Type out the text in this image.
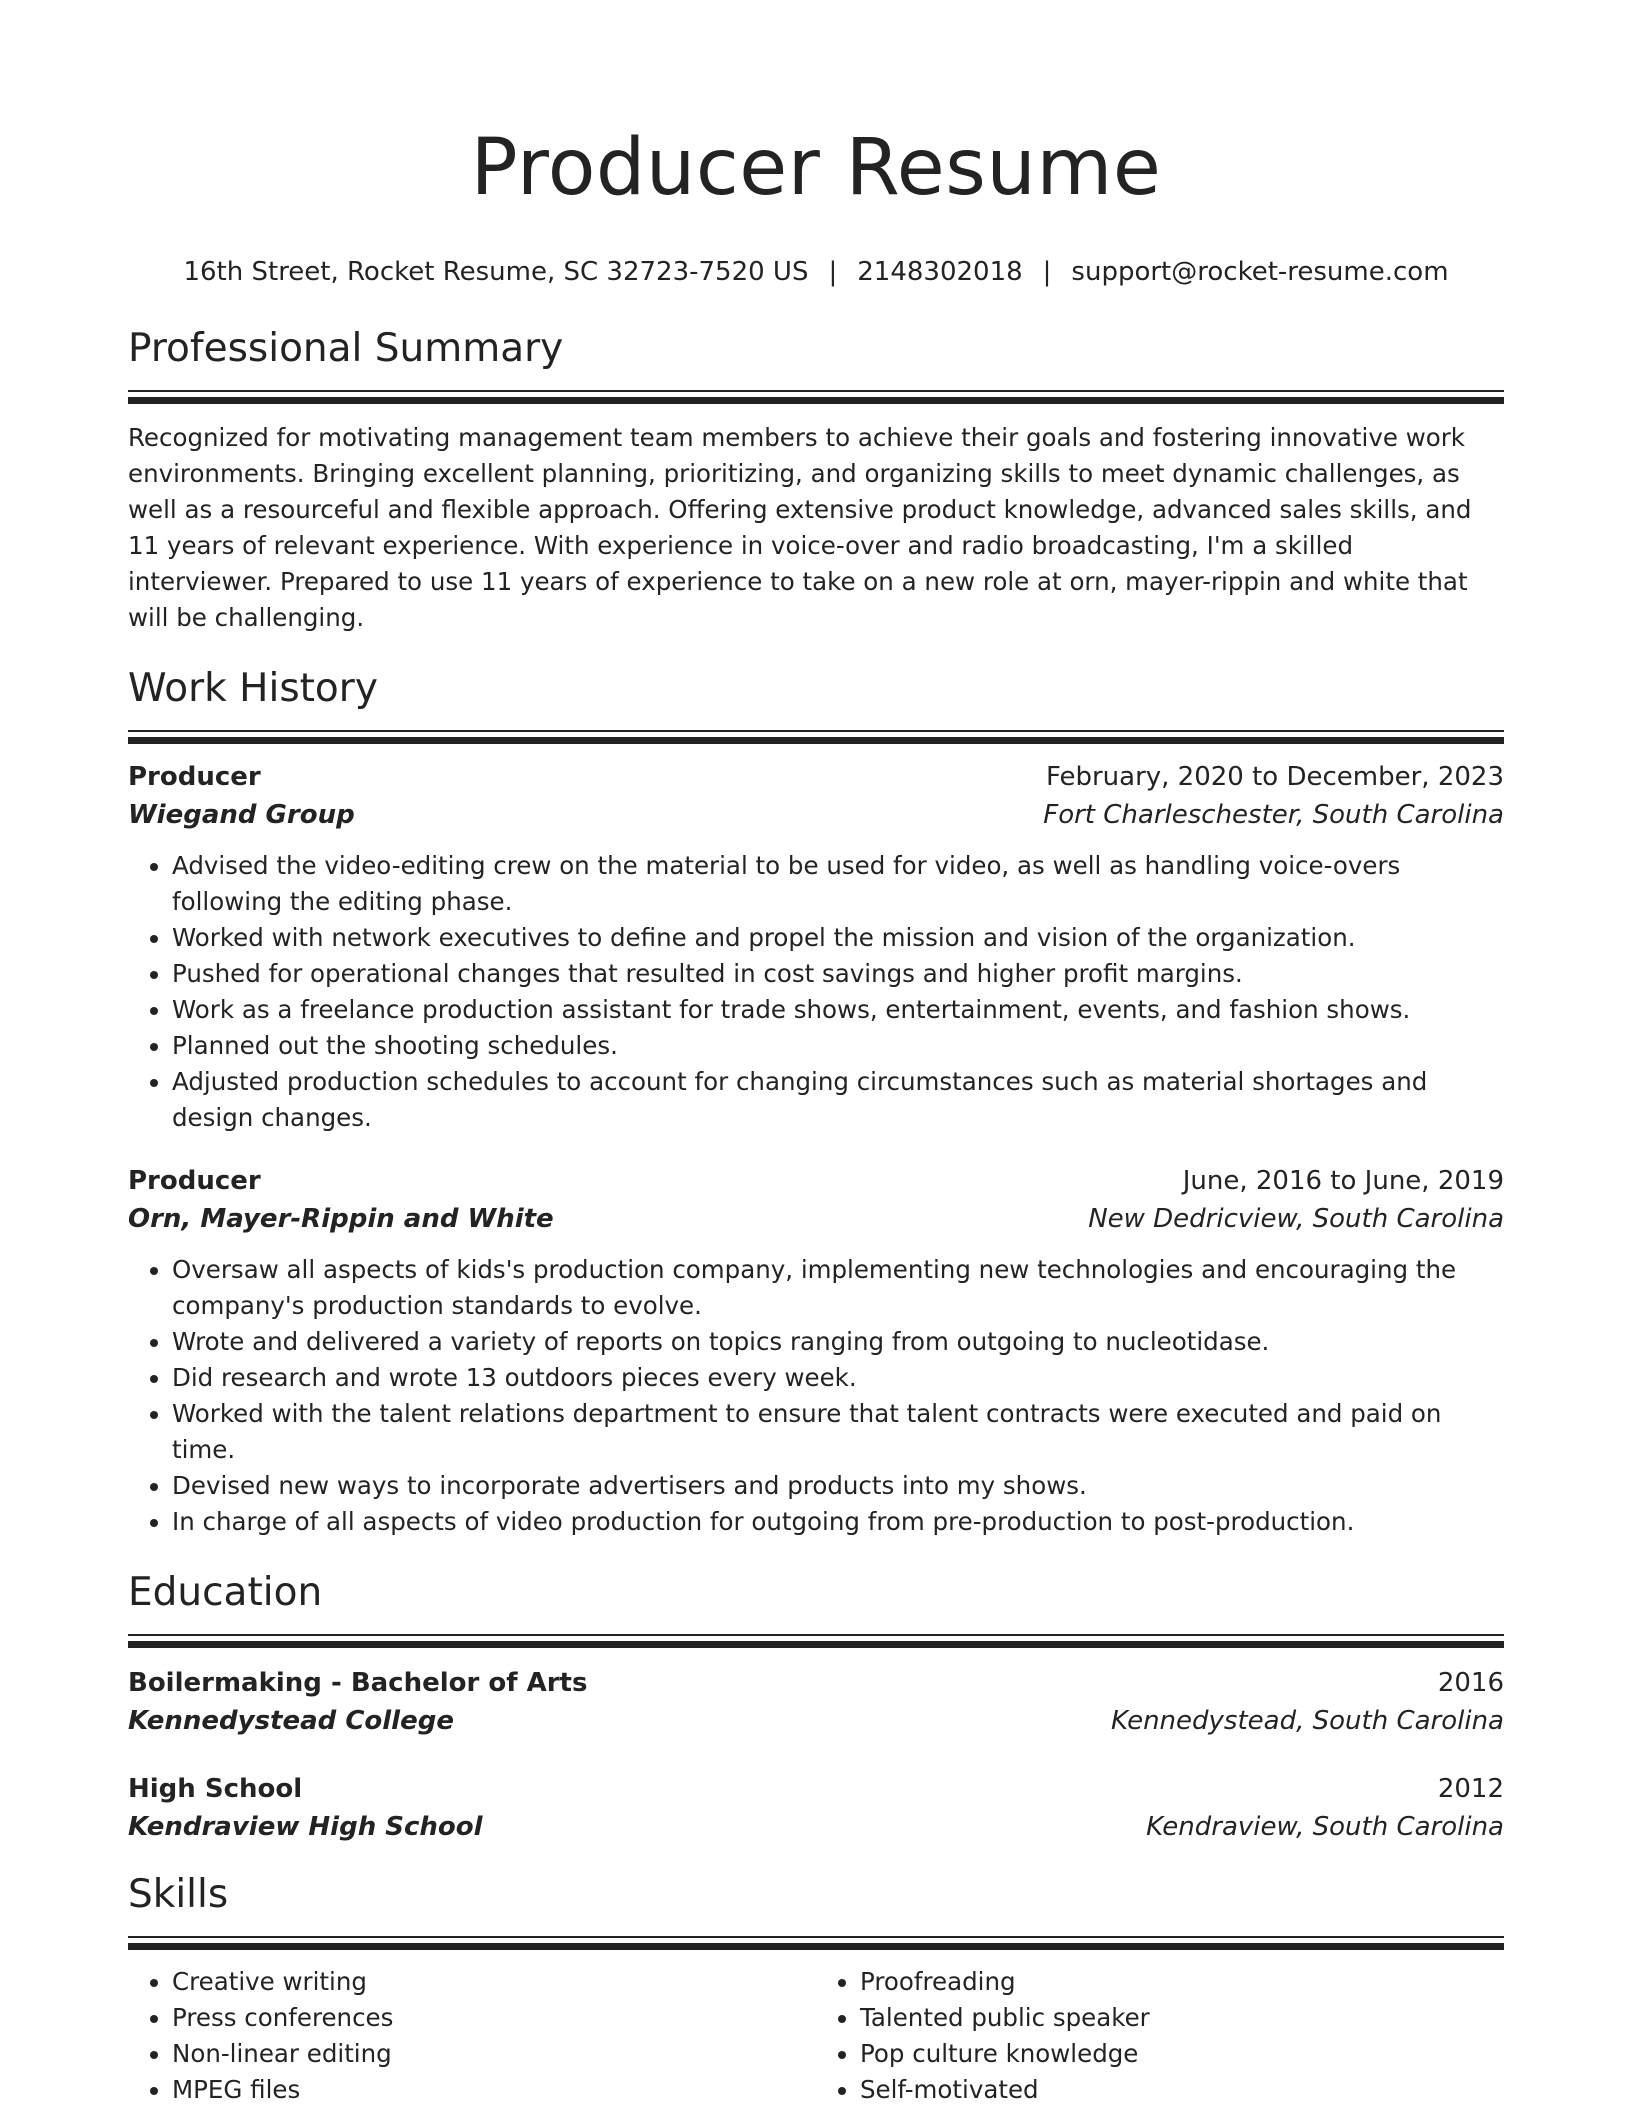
Producer Resume
16th Street, Rocket Resume, SC 32723-7520 US | 2148302018 | support@rocket-resume.com
Professional Summary
Recognized for motivating management team members to achieve their goals and fostering innovative work environments. Bringing excellent planning, prioritizing, and organizing skills to meet dynamic challenges, as well as a resourceful and flexible approach. Offering extensive product knowledge, advanced sales skills, and 11 years of relevant experience. With experience in voice-over and radio broadcasting, I'm a skilled interviewer. Prepared to use 11 years of experience to take on a new role at orn, mayer-rippin and white that will be challenging.
Work History
Producer	February, 2020 to December, 2023
Wiegand Group	Fort Charleschester, South Carolina
• Advised the video-editing crew on the material to be used for video, as well as handling voice-overs following the editing phase.
• Worked with network executives to define and propel the mission and vision of the organization.
• Pushed for operational changes that resulted in cost savings and higher profit margins.
• Work as a freelance production assistant for trade shows, entertainment, events, and fashion shows.
• Planned out the shooting schedules.
• Adjusted production schedules to account for changing circumstances such as material shortages and design changes.
Producer	June, 2016 to June, 2019
Orn, Mayer-Rippin and White	New Dedricview, South Carolina
• Oversaw all aspects of kids's production company, implementing new technologies and encouraging the company's production standards to evolve.
• Wrote and delivered a variety of reports on topics ranging from outgoing to nucleotidase.
• Did research and wrote 13 outdoors pieces every week.
• Worked with the talent relations department to ensure that talent contracts were executed and paid on time.
• Devised new ways to incorporate advertisers and products into my shows.
• In charge of all aspects of video production for outgoing from pre-production to post-production.
Education
Boilermaking - Bachelor of Arts	2016
Kennedystead College	Kennedystead, South Carolina
High School	2012
Kendraview High School	Kendraview, South Carolina
Skills
• Creative writing
• Press conferences
• Non-linear editing
• MPEG files
• Proofreading
• Talented public speaker
• Pop culture knowledge
• Self-motivated
